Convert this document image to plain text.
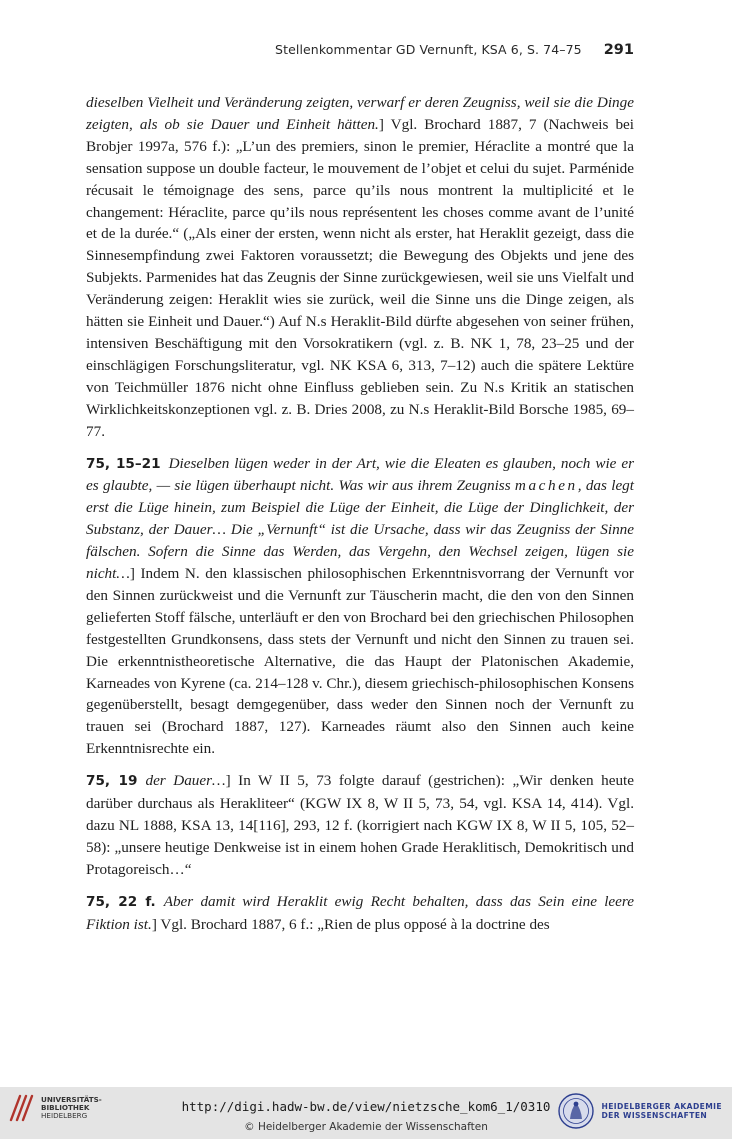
Stellenkommentar GD Vernunft, KSA 6, S. 74–75 291

dieselben Vielheit und Veränderung zeigten, verwarf er deren Zeugniss, weil sie die Dinge zeigten, als ob sie Dauer und Einheit hätten.] Vgl. Brochard 1887, 7 (Nachweis bei Brobjer 1997a, 576 f.): „L’un des premiers, sinon le premier, Héraclite a montré que la sensation suppose un double facteur, le mouvement de l’objet et celui du sujet. Parménide récusait le témoignage des sens, parce qu’ils nous montrent la multiplicité et le changement: Héraclite, parce qu’ils nous représentent les choses comme avant de l’unité et de la durée.“ („Als einer der ersten, wenn nicht als erster, hat Heraklit gezeigt, dass die Sinnesempfindung zwei Faktoren voraussetzt; die Bewegung des Objekts und jene des Subjekts. Parmenides hat das Zeugnis der Sinne zurückgewiesen, weil sie uns Vielfalt und Veränderung zeigen: Heraklit wies sie zurück, weil die Sinne uns die Dinge zeigen, als hätten sie Einheit und Dauer.“) Auf N.s Heraklit-Bild dürfte abgesehen von seiner frühen, intensiven Beschäftigung mit den Vorsokratikern (vgl. z. B. NK 1, 78, 23–25 und der einschlägigen Forschungsliteratur, vgl. NK KSA 6, 313, 7–12) auch die spätere Lektüre von Teichmüller 1876 nicht ohne Einfluss geblieben sein. Zu N.s Kritik an statischen Wirklichkeitskonzeptionen vgl. z. B. Dries 2008, zu N.s Heraklit-Bild Borsche 1985, 69–77.

75, 15–21 Dieselben lügen weder in der Art, wie die Eleaten es glauben, noch wie er es glaubte, — sie lügen überhaupt nicht. Was wir aus ihrem Zeugniss machen, das legt erst die Lüge hinein, zum Beispiel die Lüge der Einheit, die Lüge der Dinglichkeit, der Substanz, der Dauer… Die „Vernunft“ ist die Ursache, dass wir das Zeugniss der Sinne fälschen. Sofern die Sinne das Werden, das Vergehn, den Wechsel zeigen, lügen sie nicht…] Indem N. den klassischen philosophischen Erkenntnisvorrang der Vernunft vor den Sinnen zurückweist und die Vernunft zur Täuscherin macht, die den von den Sinnen gelieferten Stoff fälsche, unterläuft er den von Brochard bei den griechischen Philosophen festgestellten Grundkonsens, dass stets der Vernunft und nicht den Sinnen zu trauen sei. Die erkenntnistheoretische Alternative, die das Haupt der Platonischen Akademie, Karneades von Kyrene (ca. 214–128 v. Chr.), diesem griechisch-philosophischen Konsens gegenüberstellt, besagt demgegenüber, dass weder den Sinnen noch der Vernunft zu trauen sei (Brochard 1887, 127). Karneades räumt also den Sinnen auch keine Erkenntnisrechte ein.

75, 19 der Dauer…] In W II 5, 73 folgte darauf (gestrichen): „Wir denken heute darüber durchaus als Herakliteer“ (KGW IX 8, W II 5, 73, 54, vgl. KSA 14, 414). Vgl. dazu NL 1888, KSA 13, 14[116], 293, 12 f. (korrigiert nach KGW IX 8, W II 5, 105, 52–58): „unsere heutige Denkweise ist in einem hohen Grade Heraklitisch, Demokritisch und Protagoreisch…“

75, 22 f. Aber damit wird Heraklit ewig Recht behalten, dass das Sein eine leere Fiktion ist.] Vgl. Brochard 1887, 6 f.: „Rien de plus opposé à la doctrine des

UNIVERSITÄTS-
BIBLIOTHEK
HEIDELBERG
http://digi.hadw-bw.de/view/nietzsche_kom6_1/0310
© Heidelberger Akademie der Wissenschaften
HEIDELBERGER AKADEMIE
DER WISSENSCHAFTEN
